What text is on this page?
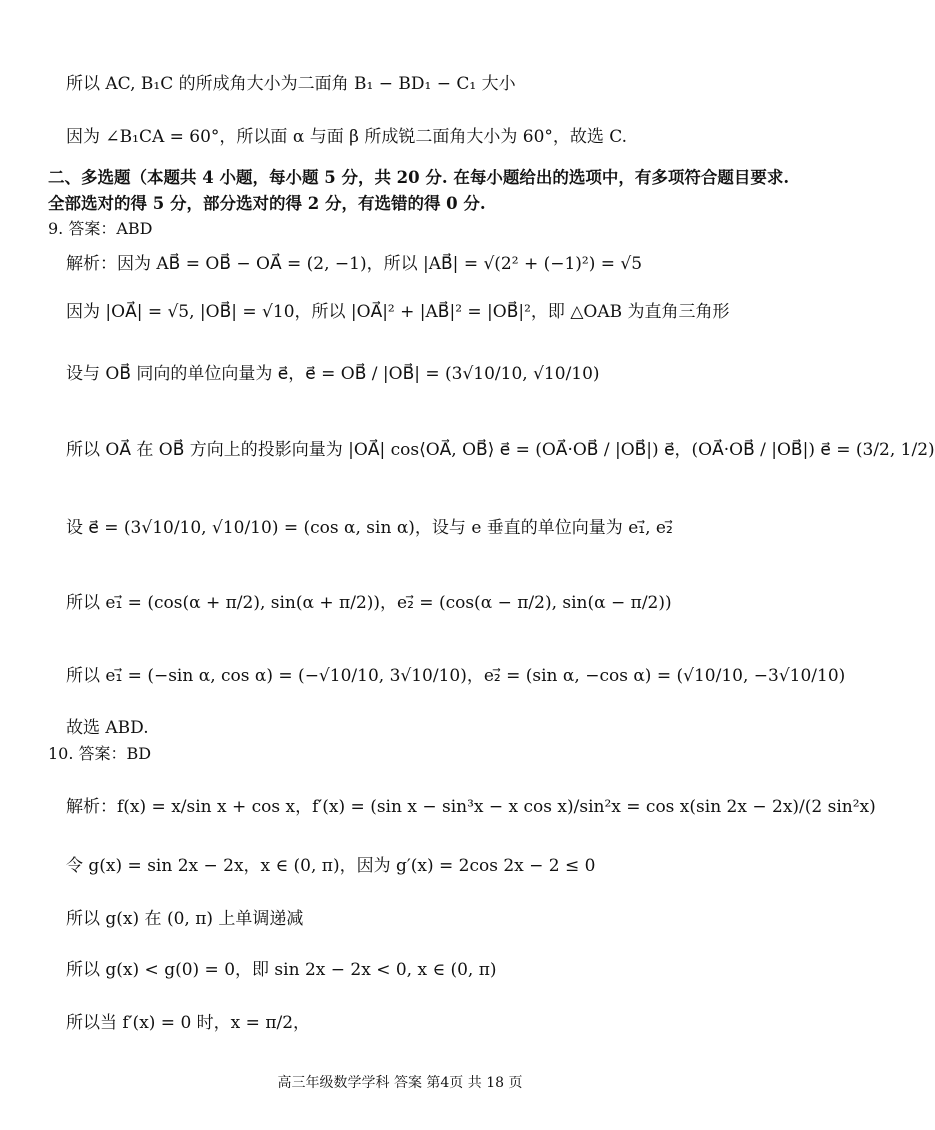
所以 AC, B₁C 的所成角大小为二面角 B₁ − BD₁ − C₁ 大小
因为 ∠B₁CA = 60°，所以面 α 与面 β 所成锐二面角大小为 60°，故选 C.
二、多选题（本题共 4 小题，每小题 5 分，共 20 分. 在每小题给出的选项中，有多项符合题目要求.
全部选对的得 5 分，部分选对的得 2 分，有选错的得 0 分.
9. 答案：ABD
解析：因为 AB⃗ = OB⃗ − OA⃗ = (2, −1)，所以 |AB⃗| = √(2² + (−1)²) = √5
因为 |OA⃗| = √5, |OB⃗| = √10，所以 |OA⃗|² + |AB⃗|² = |OB⃗|²，即 △OAB 为直角三角形
设与 OB⃗ 同向的单位向量为 e⃗，e⃗ = OB⃗ / |OB⃗| = (3√10/10, √10/10)
所以 OA⃗ 在 OB⃗ 方向上的投影向量为 |OA⃗| cos⟨OA⃗, OB⃗⟩ e⃗ = (OA⃗·OB⃗ / |OB⃗|) e⃗，(OA⃗·OB⃗ / |OB⃗|) e⃗ = (3/2, 1/2)
设 e⃗ = (3√10/10, √10/10) = (cos α, sin α)，设与 e 垂直的单位向量为 e₁⃗, e₂⃗
所以 e₁⃗ = (cos(α + π/2), sin(α + π/2))，e₂⃗ = (cos(α − π/2), sin(α − π/2))
所以 e₁⃗ = (−sin α, cos α) = (−√10/10, 3√10/10)，e₂⃗ = (sin α, −cos α) = (√10/10, −3√10/10)
故选 ABD.
10. 答案：BD
解析：f(x) = x/sin x + cos x，f′(x) = (sin x − sin³x − x cos x)/sin²x = cos x(sin 2x − 2x)/(2 sin²x)
令 g(x) = sin 2x − 2x，x ∈ (0, π)，因为 g′(x) = 2cos 2x − 2 ≤ 0
所以 g(x) 在 (0, π) 上单调递减
所以 g(x) < g(0) = 0，即 sin 2x − 2x < 0, x ∈ (0, π)
所以当 f′(x) = 0 时，x = π/2，
高三年级数学学科 答案 第4页 共 18 页
